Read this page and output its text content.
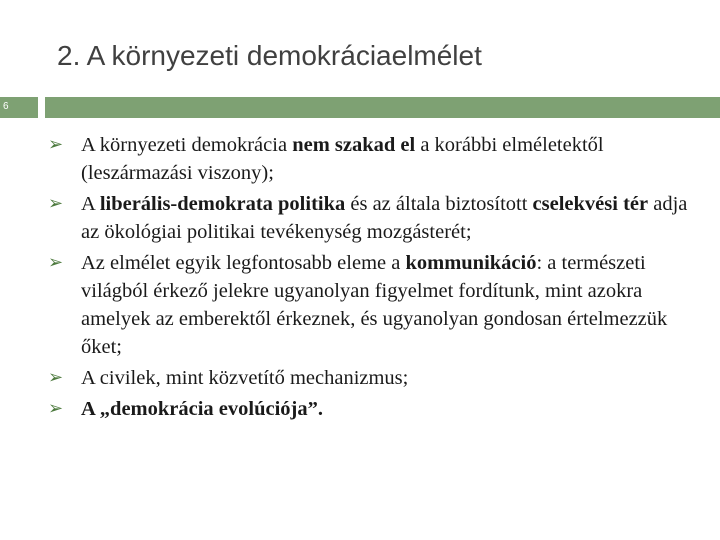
2. A környezeti demokráciaelmélet
6
➢ A környezeti demokrácia nem szakad el a korábbi elméletektől (leszármazási viszony);
➢ A liberális-demokrata politika és az általa biztosított cselekvési tér adja az ökológiai politikai tevékenység mozgásterét;
➢ Az elmélet egyik legfontosabb eleme a kommunikáció: a természeti világból érkező jelekre ugyanolyan figyelmet fordítunk, mint azokra amelyek az emberektől érkeznek, és ugyanolyan gondosan értelmezzük őket;
➢ A civilek, mint közvetítő mechanizmus;
➢ A „demokrácia evolúciója”.
